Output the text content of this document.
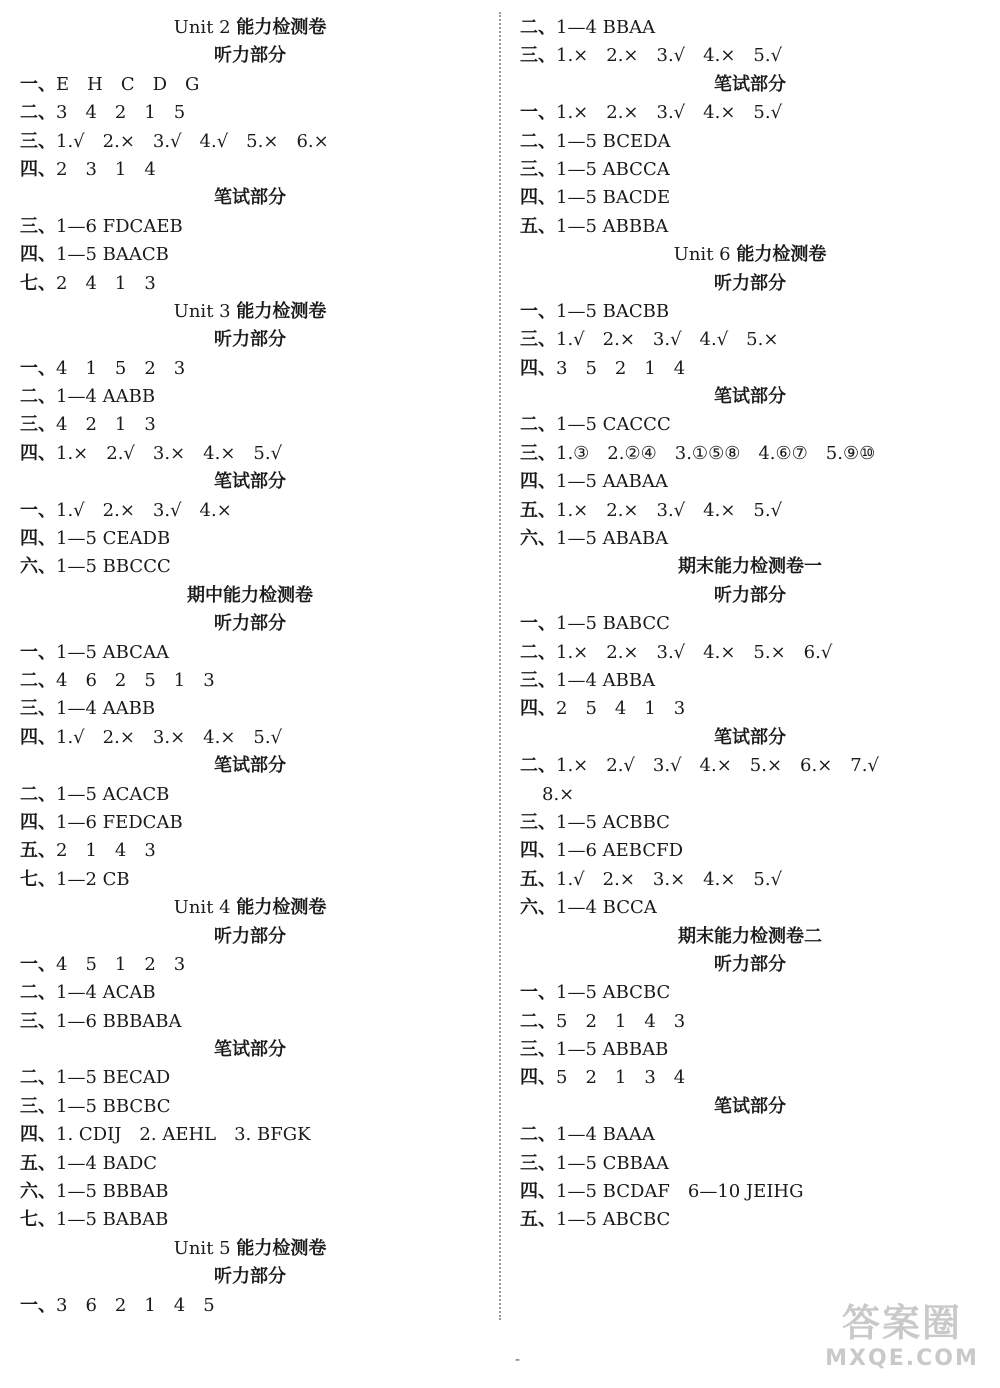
Unit 2 能力检测卷
听力部分
一、E　H　C　D　G
二、3　4　2　1　5
三、1.√　2.×　3.√　4.√　5.×　6.×
四、2　3　1　4
笔试部分
三、1—6 FDCAEB
四、1—5 BAACB
七、2　4　1　3
Unit 3 能力检测卷
听力部分
一、4　1　5　2　3
二、1—4 AABB
三、4　2　1　3
四、1.×　2.√　3.×　4.×　5.√
笔试部分
一、1.√　2.×　3.√　4.×
四、1—5 CEADB
六、1—5 BBCCC
期中能力检测卷
听力部分
一、1—5 ABCAA
二、4　6　2　5　1　3
三、1—4 AABB
四、1.√　2.×　3.×　4.×　5.√
笔试部分
二、1—5 ACACB
四、1—6 FEDCAB
五、2　1　4　3
七、1—2 CB
Unit 4 能力检测卷
听力部分
一、4　5　1　2　3
二、1—4 ACAB
三、1—6 BBBABA
笔试部分
二、1—5 BECAD
三、1—5 BBCBC
四、1. CDIJ　2. AEHL　3. BFGK
五、1—4 BADC
六、1—5 BBBAB
七、1—5 BABAB
Unit 5 能力检测卷
听力部分
一、3　6　2　1　4　5
二、1—4 BBAA
三、1.×　2.×　3.√　4.×　5.√
笔试部分
一、1.×　2.×　3.√　4.×　5.√
二、1—5 BCEDA
三、1—5 ABCCA
四、1—5 BACDE
五、1—5 ABBBA
Unit 6 能力检测卷
听力部分
一、1—5 BACBB
三、1.√　2.×　3.√　4.√　5.×
四、3　5　2　1　4
笔试部分
二、1—5 CACCC
三、1.③　2.②④　3.①⑤⑧　4.⑥⑦　5.⑨⑩
四、1—5 AABAA
五、1.×　2.×　3.√　4.×　5.√
六、1—5 ABABA
期末能力检测卷一
听力部分
一、1—5 BABCC
二、1.×　2.×　3.√　4.×　5.×　6.√
三、1—4 ABBA
四、2　5　4　1　3
笔试部分
二、1.×　2.√　3.√　4.×　5.×　6.×　7.√
8.×
三、1—5 ACBBC
四、1—6 AEBCFD
五、1.√　2.×　3.×　4.×　5.√
六、1—4 BCCA
期末能力检测卷二
听力部分
一、1—5 ABCBC
二、5　2　1　4　3
三、1—5 ABBAB
四、5　2　1　3　4
笔试部分
二、1—4 BAAA
三、1—5 CBBAA
四、1—5 BCDAF　6—10 JEIHG
五、1—5 ABCBC
-
答案圈
MXQE.COM
